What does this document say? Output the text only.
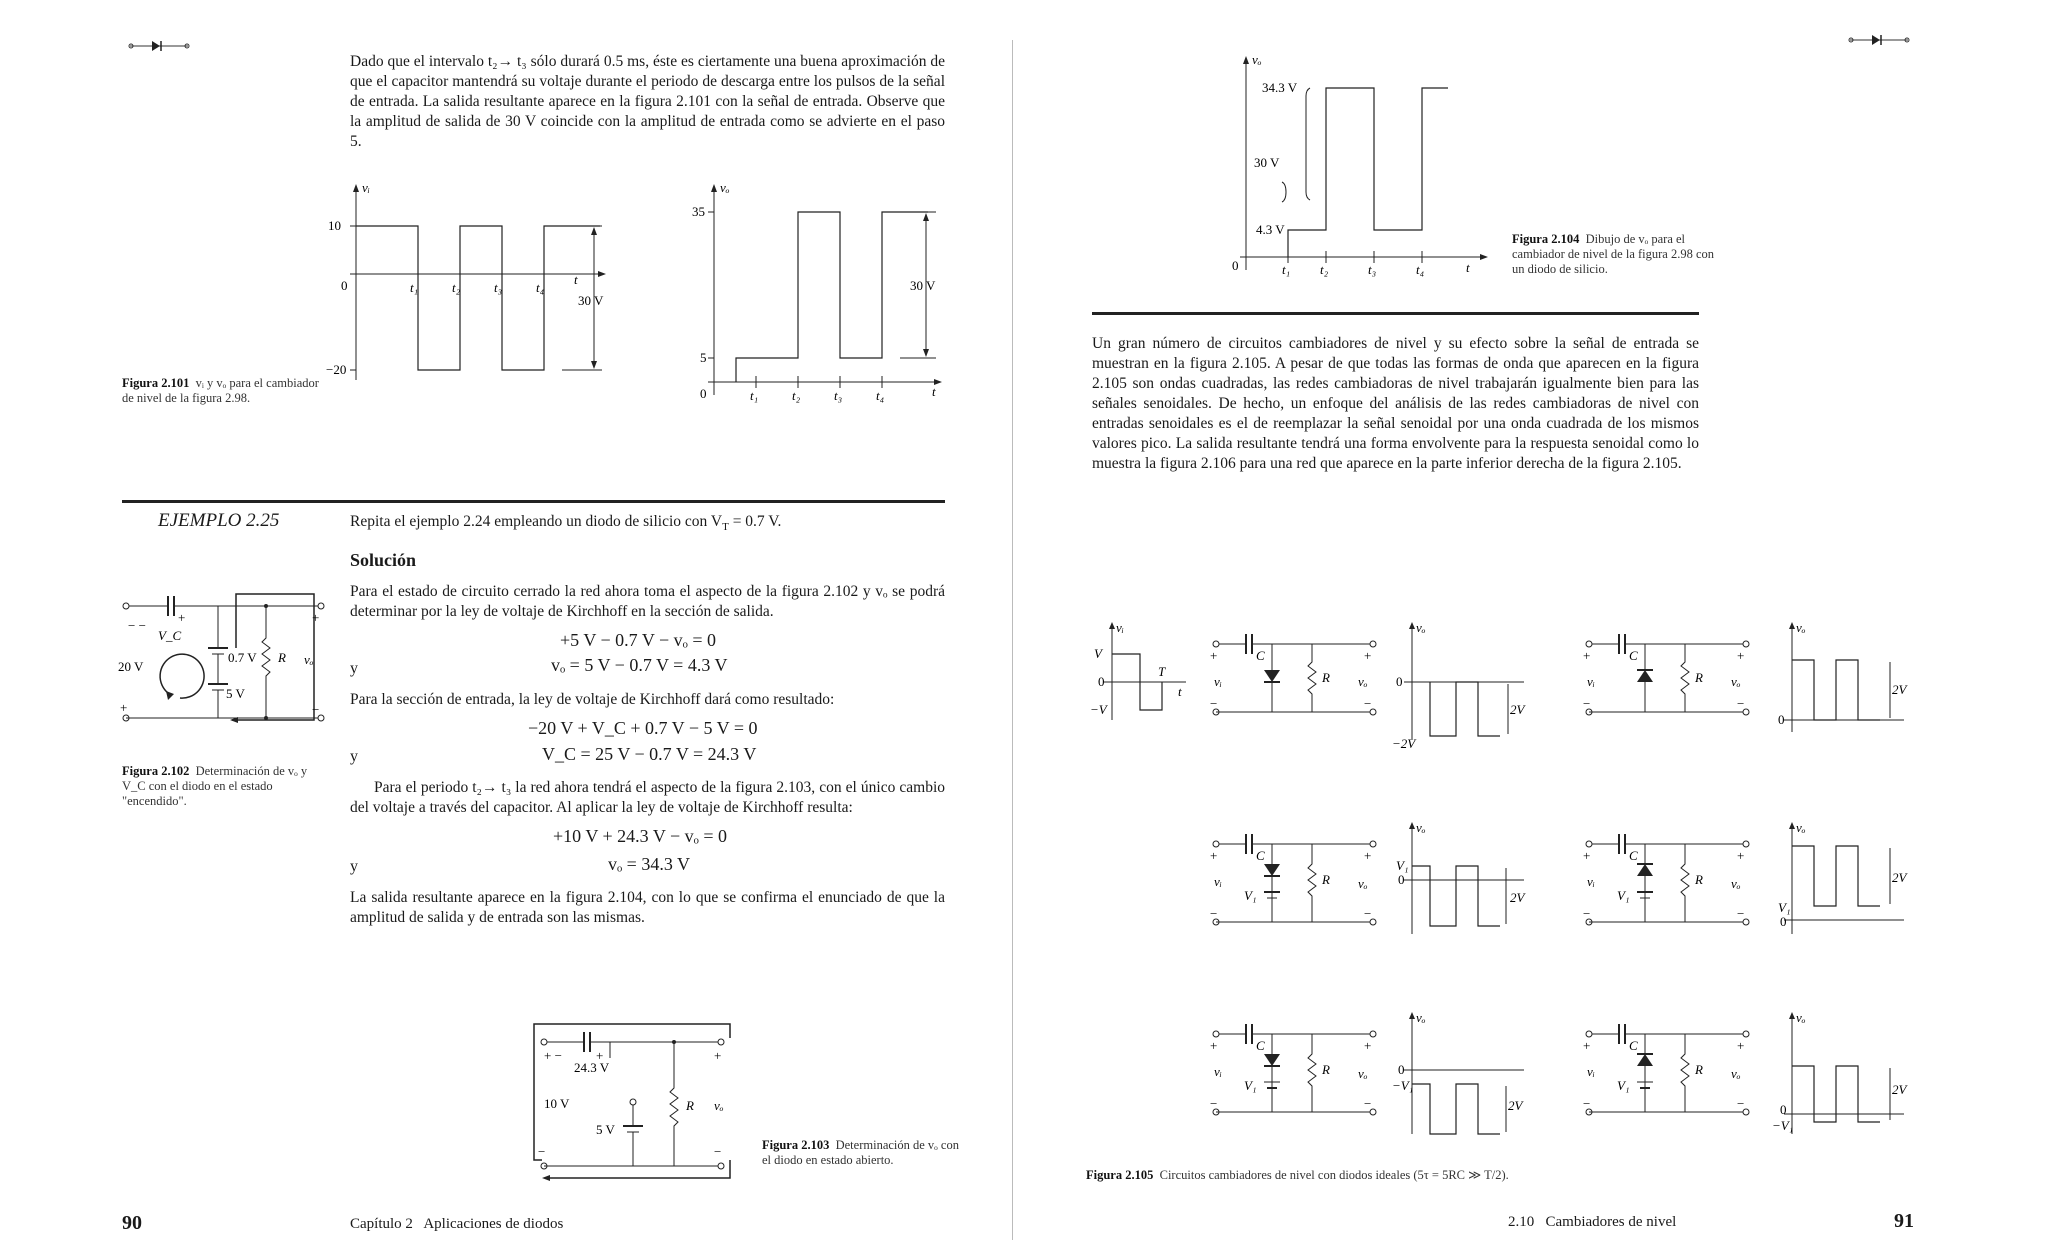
Dado que el intervalo t₂→ t₃ sólo durará 0.5 ms, éste es ciertamente una buena aproximación de que el capacitor mantendrá su voltaje durante el periodo de descarga entre los pulsos de la señal de entrada. La salida resultante aparece en la figura 2.101 con la señal de entrada. Observe que la amplitud de salida de 30 V coincide con la amplitud de entrada como se advierte en el paso 5.
vᵢ
10
0
−20
t₁	t₂	t₃	t₄
t
30 V
vₒ
35
5
0	t₁	t₂	t₃	t₄	t
30 V
Figura 2.101 vᵢ y vₒ para el cambiador de nivel de la figura 2.98.
EJEMPLO 2.25	Repita el ejemplo 2.24 empleando un diodo de silicio con $V_T = 0.7$ V.
Solución
Para el estado de circuito cerrado la red ahora toma el aspecto de la figura 2.102 y vₒ se podrá determinar por la ley de voltaje de Kirchhoff en la sección de salida.
+5 V − 0.7 V − vₒ = 0
y	vₒ = 5 V − 0.7 V = 4.3 V
Para la sección de entrada, la ley de voltaje de Kirchhoff dará como resultado:
−20 V + V_C + 0.7 V − 5 V = 0
y	V_C = 25 V − 0.7 V = 24.3 V
Para el periodo t₂→ t₃ la red ahora tendrá el aspecto de la figura 2.103, con el único cambio del voltaje a través del capacitor. Al aplicar la ley de voltaje de Kirchhoff resulta:
+10 V + 24.3 V − vₒ = 0
y	vₒ = 34.3 V
La salida resultante aparece en la figura 2.104, con lo que se confirma el enunciado de que la amplitud de salida y de entrada son las mismas.
− −
+
V_C
20 V
0.7 V
5 V
R vₒ
+
+
−
Figura 2.102 Determinación de vₒ y V_C con el diodo en el estado "encendido".
+ −	+
24.3 V
10 V
5 V
R vₒ
−
+
−	Figura 2.103 Determinación de vₒ con el diodo en estado abierto.
90	Capítulo 2   Aplicaciones de diodos
vₒ
34.3 V
30 V
4.3 V
0	t₁ t₂	t₃	t₄	t
Figura 2.104 Dibujo de vₒ para el cambiador de nivel de la figura 2.98 con un diodo de silicio.
Un gran número de circuitos cambiadores de nivel y su efecto sobre la señal de entrada se muestran en la figura 2.105. A pesar de que todas las formas de onda que aparecen en la figura 2.105 son ondas cuadradas, las redes cambiadoras de nivel trabajarán igualmente bien para las señales senoidales. De hecho, un enfoque del análisis de las redes cambiadoras de nivel con entradas senoidales es el de reemplazar la señal senoidal por una onda cuadrada de los mismos valores pico. La salida resultante tendrá una forma envolvente para la respuesta senoidal como lo muestra la figura 2.106 para una red que aparece en la parte inferior derecha de la figura 2.105.
vᵢ
V
0
−V
T
t
+
vᵢ
C
R vₒ
+
−	−
vₒ
0
2V
−2V
+
vᵢ
C
R vₒ
+
−	−
vₒ
0
2V
+
vᵢ
C
V₁
R vₒ
+
−	−
vₒ
V₁
0
2V
+
vᵢ
C
V₁
R vₒ
+
−	−
vₒ
V₁
0
2V
+
vᵢ
C
V₁
R vₒ
+
−	−
vₒ
0
−V₁
2V
+
vᵢ
C
V₁
R vₒ
+
−	−
vₒ
0
−V₁
2V
Figura 2.105 Circuitos cambiadores de nivel con diodos ideales (5τ = 5RC ≫ T/2).
2.10   Cambiadores de nivel	91
